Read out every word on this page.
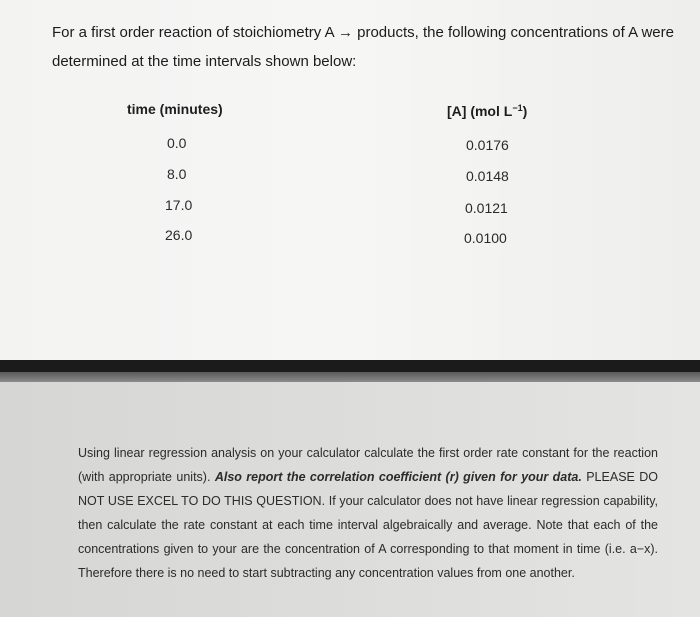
For a first order reaction of stoichiometry A → products, the following concentrations of A were determined at the time intervals shown below:
time (minutes)	[A] (mol $L^{-1}$)
0.0	0.0176
8.0	0.0148
17.0	0.0121
26.0	0.0100
Using linear regression analysis on your calculator calculate the first order rate constant for the reaction (with appropriate units). Also report the correlation coefficient (r) given for your data. PLEASE DO NOT USE EXCEL TO DO THIS QUESTION. If your calculator does not have linear regression capability, then calculate the rate constant at each time interval algebraically and average. Note that each of the concentrations given to your are the concentration of A corresponding to that moment in time (i.e. a−x). Therefore there is no need to start subtracting any concentration values from one another.
